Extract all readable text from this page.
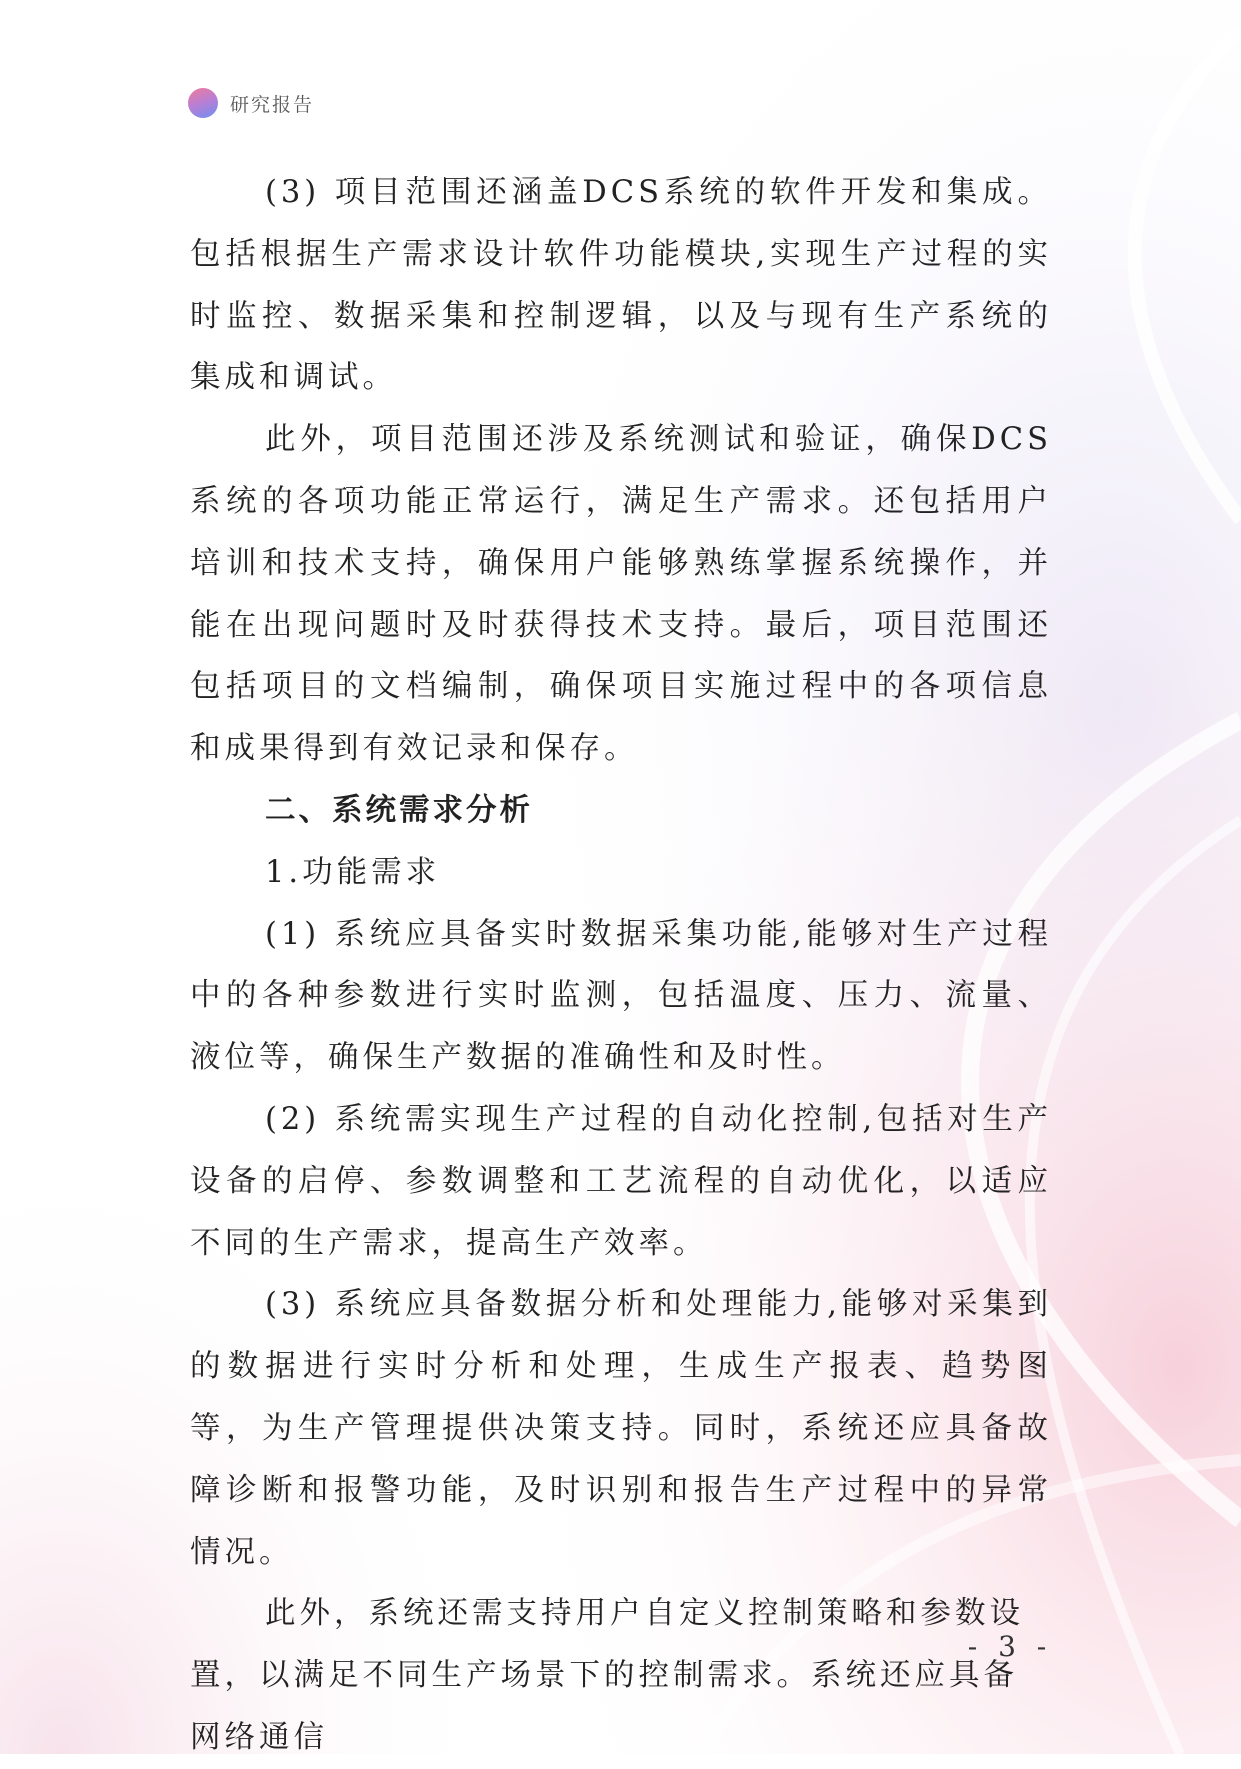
研究报告

(3) 项目范围还涵盖DCS系统的软件开发和集成。包括根据生产需求设计软件功能模块,实现生产过程的实时监控、数据采集和控制逻辑，以及与现有生产系统的集成和调试。

此外，项目范围还涉及系统测试和验证，确保DCS系统的各项功能正常运行，满足生产需求。还包括用户培训和技术支持，确保用户能够熟练掌握系统操作，并能在出现问题时及时获得技术支持。最后，项目范围还包括项目的文档编制，确保项目实施过程中的各项信息和成果得到有效记录和保存。

二、系统需求分析
1.功能需求

(1) 系统应具备实时数据采集功能,能够对生产过程中的各种参数进行实时监测，包括温度、压力、流量、液位等，确保生产数据的准确性和及时性。

(2) 系统需实现生产过程的自动化控制,包括对生产设备的启停、参数调整和工艺流程的自动优化，以适应不同的生产需求，提高生产效率。

(3) 系统应具备数据分析和处理能力,能够对采集到的数据进行实时分析和处理，生成生产报表、趋势图等，为生产管理提供决策支持。同时，系统还应具备故障诊断和报警功能，及时识别和报告生产过程中的异常情况。

此外，系统还需支持用户自定义控制策略和参数设置，以满足不同生产场景下的控制需求。系统还应具备网络通信

- 3 -
